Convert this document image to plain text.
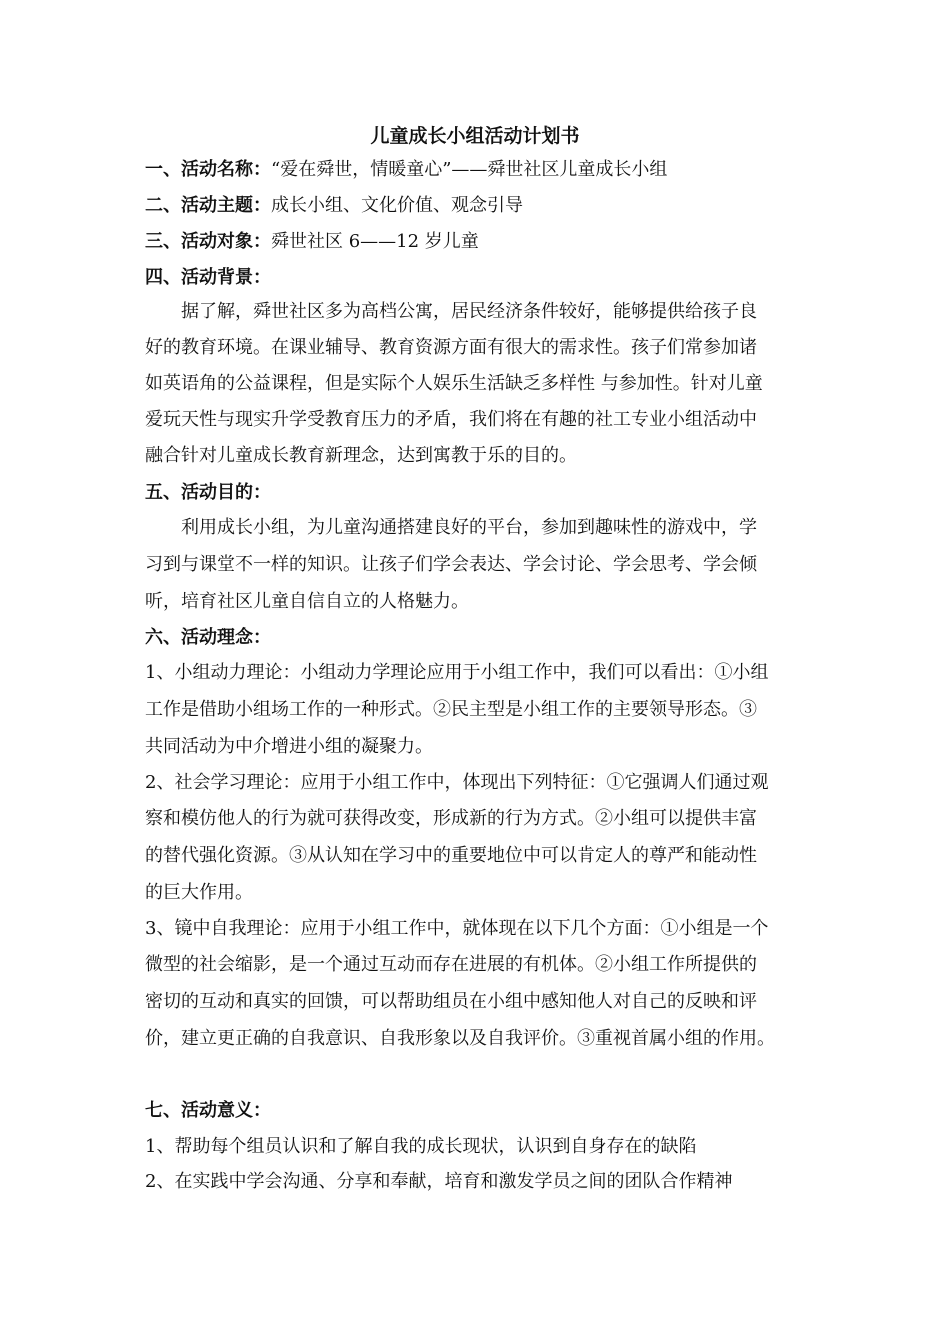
儿童成长小组活动计划书
一、活动名称：“爱在舜世，情暖童心”——舜世社区儿童成长小组
二、活动主题：成长小组、文化价值、观念引导
三、活动对象：舜世社区 6——12 岁儿童
四、活动背景：
据了解，舜世社区多为高档公寓，居民经济条件较好，能够提供给孩子良
好的教育环境。在课业辅导、教育资源方面有很大的需求性。孩子们常参加诸
如英语角的公益课程，但是实际个人娱乐生活缺乏多样性 与参加性。针对儿童
爱玩天性与现实升学受教育压力的矛盾，我们将在有趣的社工专业小组活动中
融合针对儿童成长教育新理念，达到寓教于乐的目的。
五、活动目的：
利用成长小组，为儿童沟通搭建良好的平台，参加到趣味性的游戏中，学
习到与课堂不一样的知识。让孩子们学会表达、学会讨论、学会思考、学会倾
听，培育社区儿童自信自立的人格魅力。
六、活动理念：
1、小组动力理论：小组动力学理论应用于小组工作中，我们可以看出：①小组
工作是借助小组场工作的一种形式。②民主型是小组工作的主要领导形态。③
共同活动为中介增进小组的凝聚力。
2、社会学习理论：应用于小组工作中，体现出下列特征：①它强调人们通过观
察和模仿他人的行为就可获得改变，形成新的行为方式。②小组可以提供丰富
的替代强化资源。③从认知在学习中的重要地位中可以肯定人的尊严和能动性
的巨大作用。
3、镜中自我理论：应用于小组工作中，就体现在以下几个方面：①小组是一个
微型的社会缩影，是一个通过互动而存在进展的有机体。②小组工作所提供的
密切的互动和真实的回馈，可以帮助组员在小组中感知他人对自己的反映和评
价，建立更正确的自我意识、自我形象以及自我评价。③重视首属小组的作用。
七、活动意义：
1、帮助每个组员认识和了解自我的成长现状，认识到自身存在的缺陷
2、在实践中学会沟通、分享和奉献，培育和激发学员之间的团队合作精神
